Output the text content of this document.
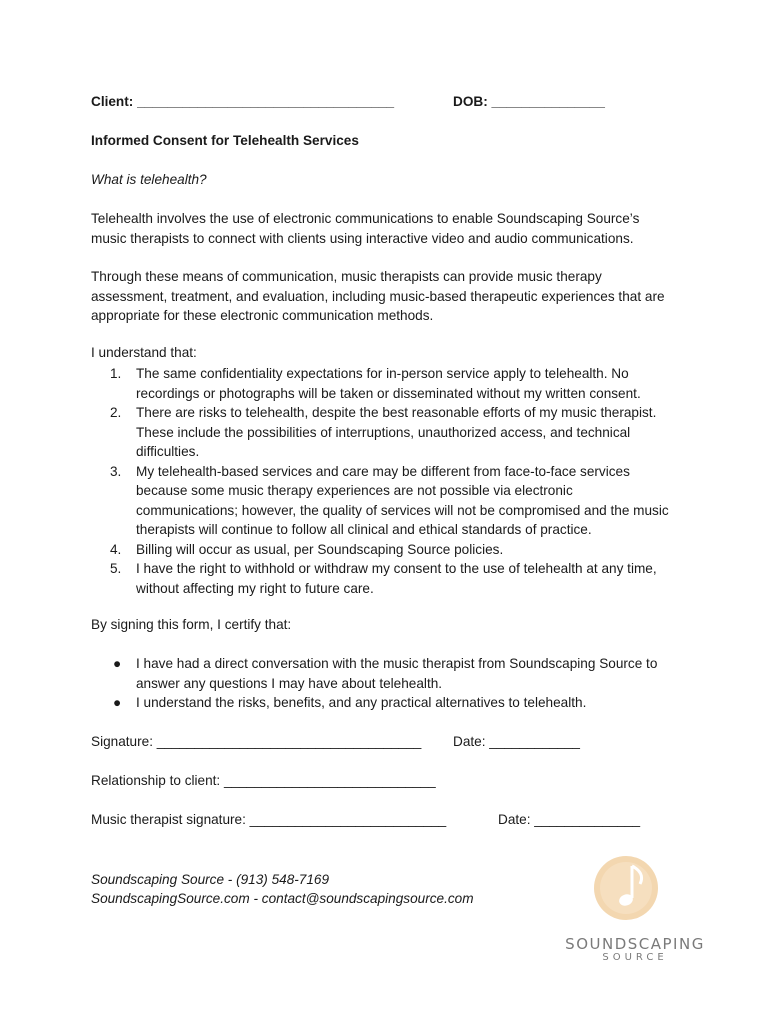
Client: __________________________________	DOB: _______________
Informed Consent for Telehealth Services
What is telehealth?

Telehealth involves the use of electronic communications to enable Soundscaping Source’s

music therapists to connect with clients using interactive video and audio communications.

Through these means of communication, music therapists can provide music therapy

assessment, treatment, and evaluation, including music-based therapeutic experiences that are

appropriate for these electronic communication methods.

I understand that:
1. The same confidentiality expectations for in-person service apply to telehealth. No
recordings or photographs will be taken or disseminated without my written consent.
2. There are risks to telehealth, despite the best reasonable efforts of my music therapist.
These include the possibilities of interruptions, unauthorized access, and technical
difficulties.
3. My telehealth-based services and care may be different from face-to-face services
because some music therapy experiences are not possible via electronic
communications; however, the quality of services will not be compromised and the music
therapists will continue to follow all clinical and ethical standards of practice.
4. Billing will occur as usual, per Soundscaping Source policies.
5. I have the right to withhold or withdraw my consent to the use of telehealth at any time,
without affecting my right to future care.
By signing this form, I certify that:
● I have had a direct conversation with the music therapist from Soundscaping Source to
answer any questions I may have about telehealth.
● I understand the risks, benefits, and any practical alternatives to telehealth.
Signature: ___________________________________ Date: ____________
Relationship to client: ____________________________
Music therapist signature: __________________________	Date: ______________
Soundscaping Source - (913) 548-7169
SoundscapingSource.com - contact@soundscapingsource.com
SOUNDSCAPING
SOURCE
